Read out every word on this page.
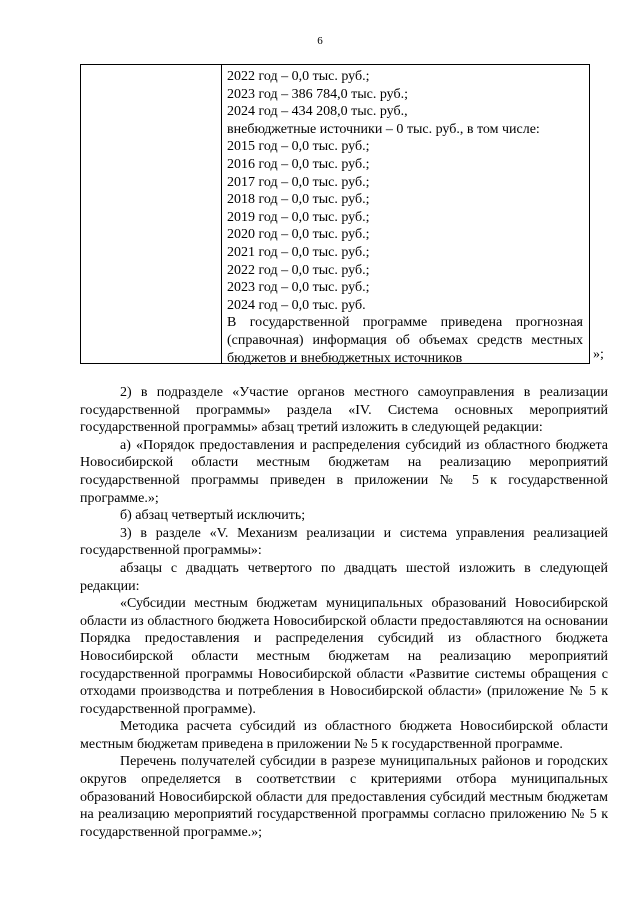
6
2022 год – 0,0 тыс. руб.;
2023 год – 386 784,0 тыс. руб.;
2024 год – 434 208,0 тыс. руб.,
внебюджетные источники – 0 тыс. руб., в том числе:
2015 год – 0,0 тыс. руб.;
2016 год – 0,0 тыс. руб.;
2017 год – 0,0 тыс. руб.;
2018 год – 0,0 тыс. руб.;
2019 год – 0,0 тыс. руб.;
2020 год – 0,0 тыс. руб.;
2021 год – 0,0 тыс. руб.;
2022 год – 0,0 тыс. руб.;
2023 год – 0,0 тыс. руб.;
2024 год – 0,0 тыс. руб.
В государственной программе приведена прогнозная (справочная) информация об объемах средств местных бюджетов и внебюджетных источников	»;

2) в подразделе «Участие органов местного самоуправления в реализации государственной программы» раздела «IV. Система основных мероприятий государственной программы» абзац третий изложить в следующей редакции:

а) «Порядок предоставления и распределения субсидий из областного бюджета Новосибирской области местным бюджетам на реализацию мероприятий государственной программы приведен в приложении № 5 к государственной программе.»;

б) абзац четвертый исключить;

3) в разделе «V. Механизм реализации и система управления реализацией государственной программы»:

абзацы с двадцать четвертого по двадцать шестой изложить в следующей редакции:

«Субсидии местным бюджетам муниципальных образований Новосибирской области из областного бюджета Новосибирской области предоставляются на основании Порядка предоставления и распределения субсидий из областного бюджета Новосибирской области местным бюджетам на реализацию мероприятий государственной программы Новосибирской области «Развитие системы обращения с отходами производства и потребления в Новосибирской области» (приложение № 5 к государственной программе).

Методика расчета субсидий из областного бюджета Новосибирской области местным бюджетам приведена в приложении № 5 к государственной программе.

Перечень получателей субсидии в разрезе муниципальных районов и городских округов определяется в соответствии с критериями отбора муниципальных образований Новосибирской области для предоставления субсидий местным бюджетам на реализацию мероприятий государственной программы согласно приложению № 5 к государственной программе.»;
